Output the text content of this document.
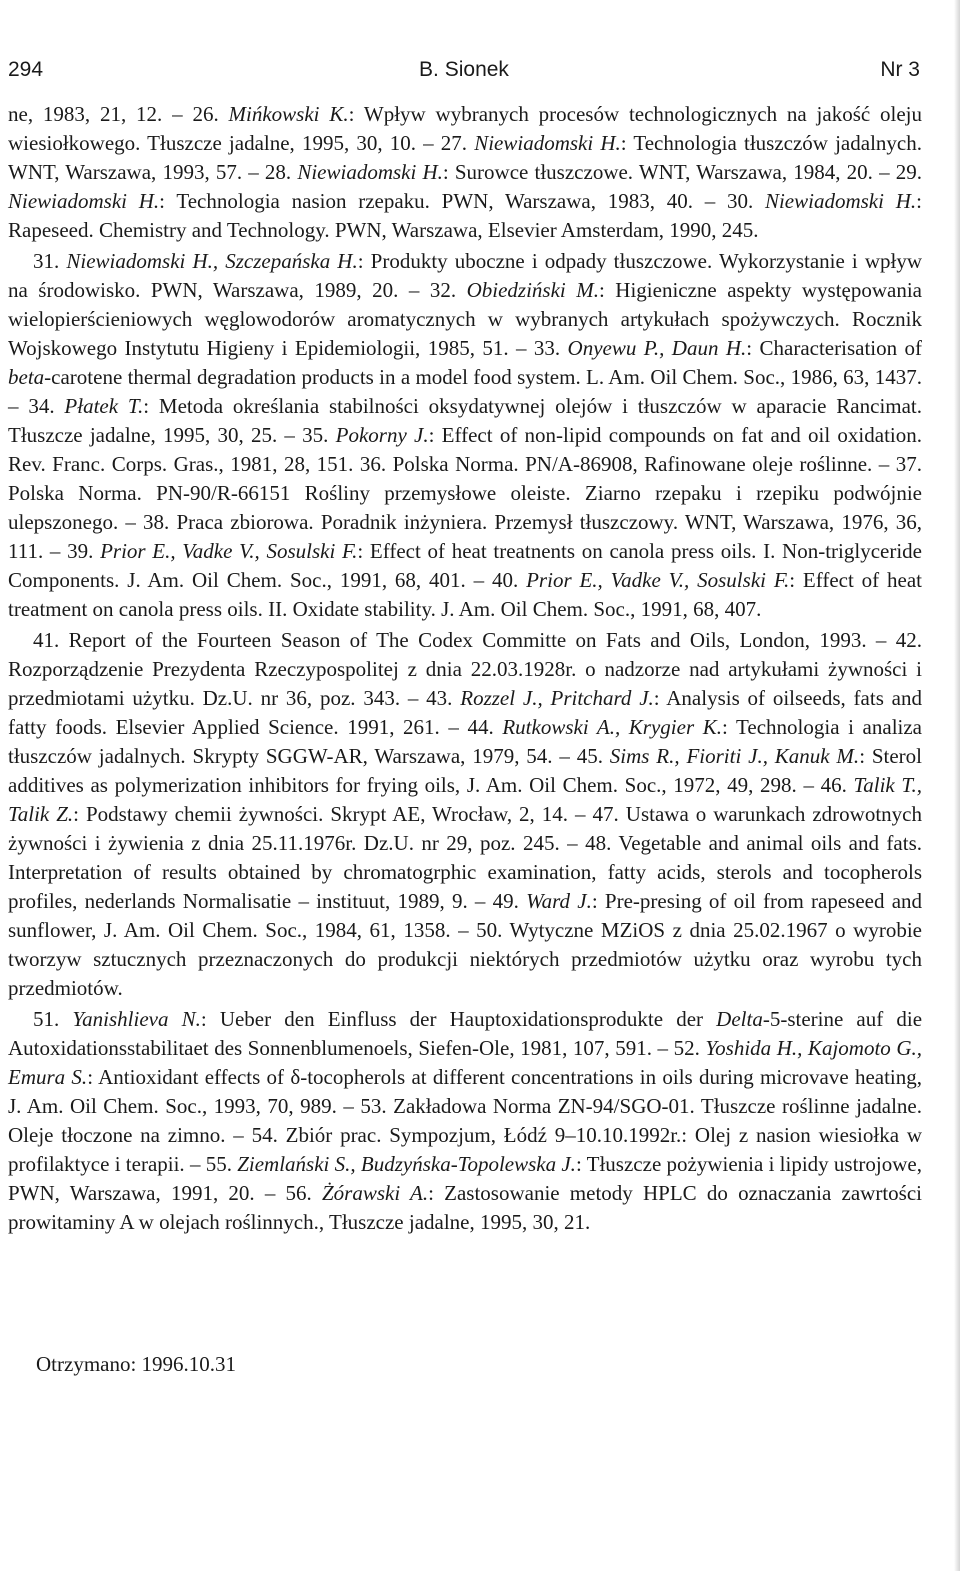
294	B. Sionek	Nr 3

ne, 1983, 21, 12. – 26. Mińkowski K.: Wpływ wybranych procesów technologicznych na jakość oleju wiesiołkowego. Tłuszcze jadalne, 1995, 30, 10. – 27. Niewiadomski H.: Technologia tłuszczów jadalnych. WNT, Warszawa, 1993, 57. – 28. Niewiadomski H.: Surowce tłuszczowe. WNT, Warszawa, 1984, 20. – 29. Niewiadomski H.: Technologia nasion rzepaku. PWN, Warszawa, 1983, 40. – 30. Niewiadomski H.: Rapeseed. Chemistry and Technology. PWN, Warszawa, Elsevier Amsterdam, 1990, 245.

31. Niewiadomski H., Szczepańska H.: Produkty uboczne i odpady tłuszczowe. Wykorzystanie i wpływ na środowisko. PWN, Warszawa, 1989, 20. – 32. Obiedziński M.: Higieniczne aspekty występowania wielopierścieniowych węglowodorów aromatycznych w wybranych artykułach spożywczych. Rocznik Wojskowego Instytutu Higieny i Epidemiologii, 1985, 51. – 33. Onyewu P., Daun H.: Characterisation of beta-carotene thermal degradation products in a model food system. L. Am. Oil Chem. Soc., 1986, 63, 1437. – 34. Płatek T.: Metoda określania stabilności oksydatywnej olejów i tłuszczów w aparacie Rancimat. Tłuszcze jadalne, 1995, 30, 25. – 35. Pokorny J.: Effect of non-lipid compounds on fat and oil oxidation. Rev. Franc. Corps. Gras., 1981, 28, 151. 36. Polska Norma. PN/A-86908, Rafinowane oleje roślinne. – 37. Polska Norma. PN-90/R-66151 Rośliny przemysłowe oleiste. Ziarno rzepaku i rzepiku podwójnie ulepszonego. – 38. Praca zbiorowa. Poradnik inżyniera. Przemysł tłuszczowy. WNT, Warszawa, 1976, 36, 111. – 39. Prior E., Vadke V., Sosulski F.: Effect of heat treatnents on canola press oils. I. Non-triglyceride Components. J. Am. Oil Chem. Soc., 1991, 68, 401. – 40. Prior E., Vadke V., Sosulski F.: Effect of heat treatment on canola press oils. II. Oxidate stability. J. Am. Oil Chem. Soc., 1991, 68, 407.

41. Report of the Fourteen Season of The Codex Committe on Fats and Oils, London, 1993. – 42. Rozporządzenie Prezydenta Rzeczypospolitej z dnia 22.03.1928r. o nadzorze nad artykułami żywności i przedmiotami użytku. Dz.U. nr 36, poz. 343. – 43. Rozzel J., Pritchard J.: Analysis of oilseeds, fats and fatty foods. Elsevier Applied Science. 1991, 261. – 44. Rutkowski A., Krygier K.: Technologia i analiza tłuszczów jadalnych. Skrypty SGGW-AR, Warszawa, 1979, 54. – 45. Sims R., Fioriti J., Kanuk M.: Sterol additives as polymerization inhibitors for frying oils, J. Am. Oil Chem. Soc., 1972, 49, 298. – 46. Talik T., Talik Z.: Podstawy chemii żywności. Skrypt AE, Wrocław, 2, 14. – 47. Ustawa o warunkach zdrowotnych żywności i żywienia z dnia 25.11.1976r. Dz.U. nr 29, poz. 245. – 48. Vegetable and animal oils and fats. Interpretation of results obtained by chromatogrphic examination, fatty acids, sterols and tocopherols profiles, nederlands Normalisatie – instituut, 1989, 9. – 49. Ward J.: Pre-presing of oil from rapeseed and sunflower, J. Am. Oil Chem. Soc., 1984, 61, 1358. – 50. Wytyczne MZiOS z dnia 25.02.1967 o wyrobie tworzyw sztucznych przeznaczonych do produkcji niektórych przedmiotów użytku oraz wyrobu tych przedmiotów.

51. Yanishlieva N.: Ueber den Einfluss der Hauptoxidationsprodukte der Delta-5-sterine auf die Autoxidationsstabilitaet des Sonnenblumenoels, Siefen-Ole, 1981, 107, 591. – 52. Yoshida H., Kajomoto G., Emura S.: Antioxidant effects of δ-tocopherols at different concentrations in oils during microvave heating, J. Am. Oil Chem. Soc., 1993, 70, 989. – 53. Zakładowa Norma ZN-94/SGO-01. Tłuszcze roślinne jadalne. Oleje tłoczone na zimno. – 54. Zbiór prac. Sympozjum, Łódź 9–10.10.1992r.: Olej z nasion wiesiołka w profilaktyce i terapii. – 55. Ziemlański S., Budzyńska-Topolewska J.: Tłuszcze pożywienia i lipidy ustrojowe, PWN, Warszawa, 1991, 20. – 56. Żórawski A.: Zastosowanie metody HPLC do oznaczania zawrtości prowitaminy A w olejach roślinnych., Tłuszcze jadalne, 1995, 30, 21.

Otrzymano: 1996.10.31
